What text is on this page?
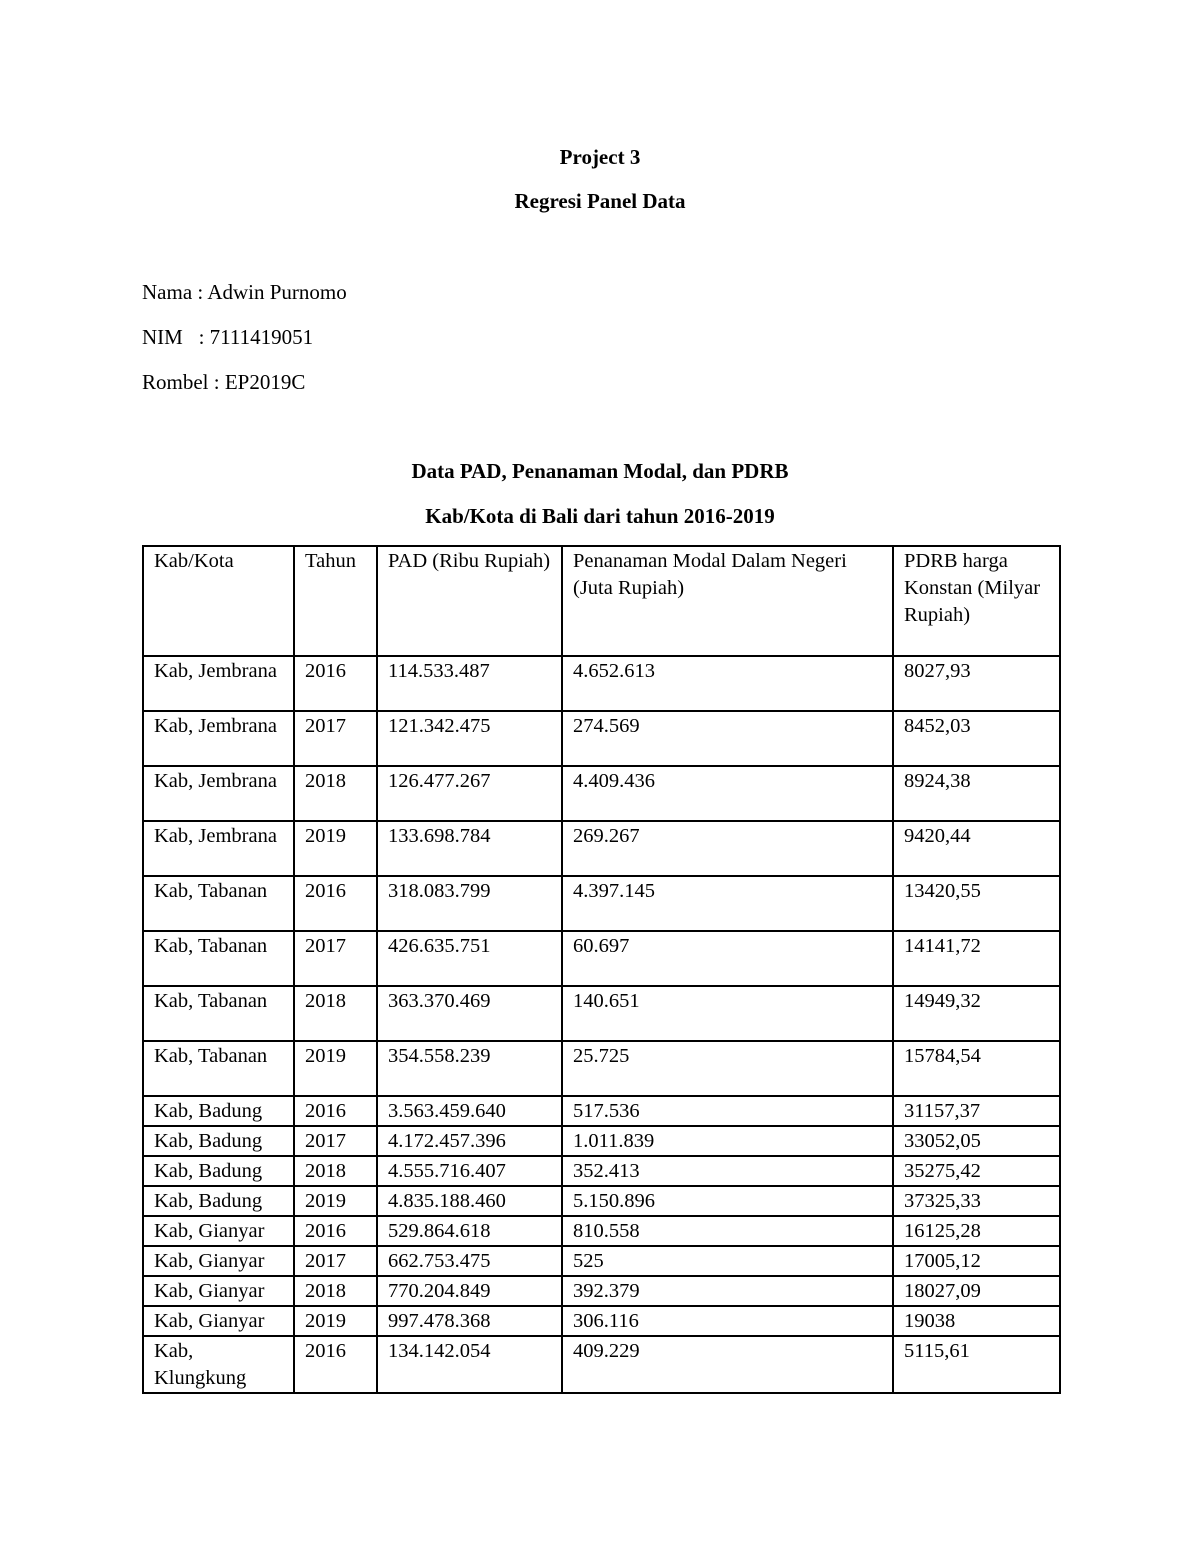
Project 3
Regresi Panel Data
Nama : Adwin Purnomo
NIM   : 7111419051
Rombel : EP2019C
Data PAD, Penanaman Modal, dan PDRB
Kab/Kota di Bali dari tahun 2016-2019
Kab/Kota	Tahun	PAD (Ribu Rupiah)	Penanaman Modal Dalam Negeri (Juta Rupiah)	PDRB harga Konstan (Milyar Rupiah)
Kab, Jembrana	2016	114.533.487	4.652.613	8027,93
Kab, Jembrana	2017	121.342.475	274.569	8452,03
Kab, Jembrana	2018	126.477.267	4.409.436	8924,38
Kab, Jembrana	2019	133.698.784	269.267	9420,44
Kab, Tabanan	2016	318.083.799	4.397.145	13420,55
Kab, Tabanan	2017	426.635.751	60.697	14141,72
Kab, Tabanan	2018	363.370.469	140.651	14949,32
Kab, Tabanan	2019	354.558.239	25.725	15784,54
Kab, Badung	2016	3.563.459.640	517.536	31157,37
Kab, Badung	2017	4.172.457.396	1.011.839	33052,05
Kab, Badung	2018	4.555.716.407	352.413	35275,42
Kab, Badung	2019	4.835.188.460	5.150.896	37325,33
Kab, Gianyar	2016	529.864.618	810.558	16125,28
Kab, Gianyar	2017	662.753.475	525	17005,12
Kab, Gianyar	2018	770.204.849	392.379	18027,09
Kab, Gianyar	2019	997.478.368	306.116	19038
Kab, Klungkung	2016	134.142.054	409.229	5115,61
